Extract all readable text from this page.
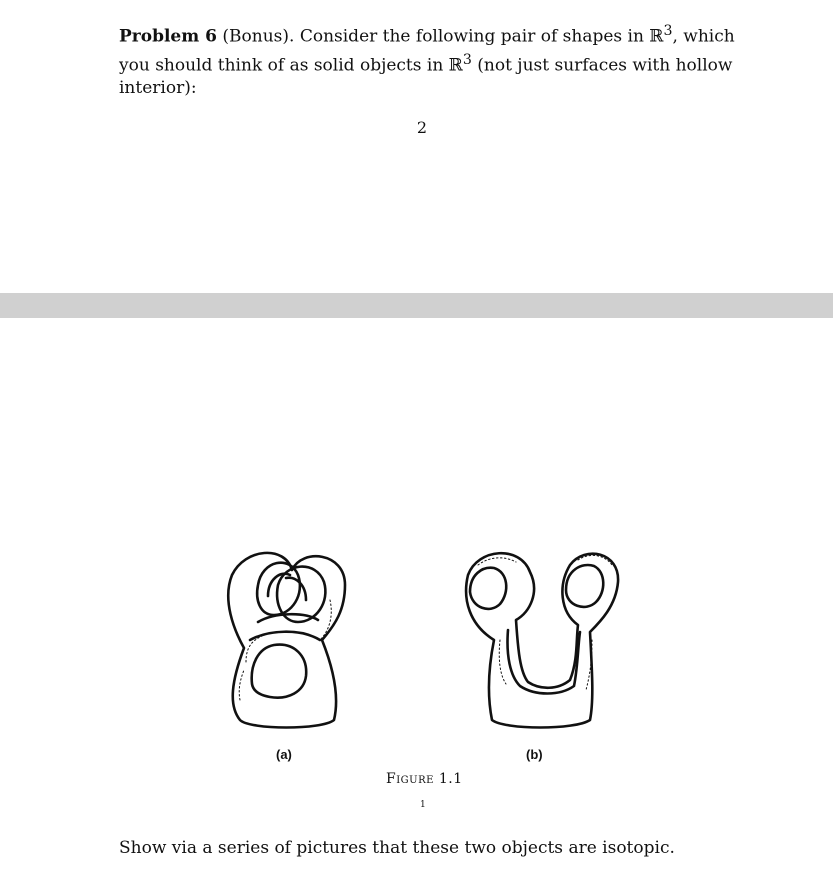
Problem 6 (Bonus). Consider the following pair of shapes in ℝ$^3$, which you should think of as solid objects in ℝ$^3$ (not just surfaces with hollow interior):
2
(a)	(b)
Figure 1.1
1
Show via a series of pictures that these two objects are isotopic.
